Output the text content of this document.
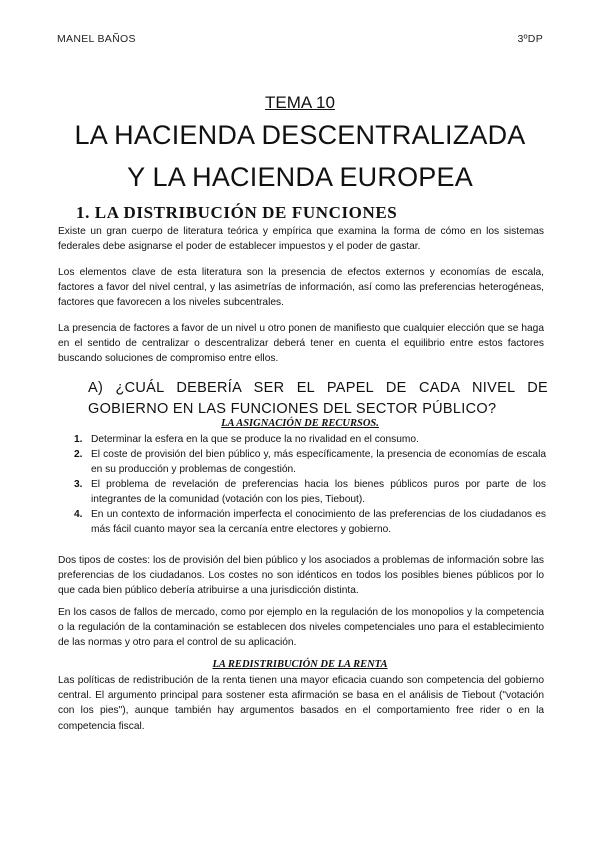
MANEL BAÑOS	3ºDP
TEMA 10
LA HACIENDA DESCENTRALIZADA
Y LA HACIENDA EUROPEA
1. LA DISTRIBUCIÓN DE FUNCIONES

Existe un gran cuerpo de literatura teórica y empírica que examina la forma de cómo en los sistemas federales debe asignarse el poder de establecer impuestos y el poder de gastar.

Los elementos clave de esta literatura son la presencia de efectos externos y economías de escala, factores a favor del nivel central, y las asimetrías de información, así como las preferencias heterogéneas, factores que favorecen a los niveles subcentrales.

La presencia de factores a favor de un nivel u otro ponen de manifiesto que cualquier elección que se haga en el sentido de centralizar o descentralizar deberá tener en cuenta el equilibrio entre estos factores buscando soluciones de compromiso entre ellos.

A) ¿CUÁL DEBERÍA SER EL PAPEL DE CADA NIVEL DE GOBIERNO EN LAS FUNCIONES DEL SECTOR PÚBLICO?

LA ASIGNACIÓN DE RECURSOS.
1. Determinar la esfera en la que se produce la no rivalidad en el consumo.
2. El coste de provisión del bien público y, más específicamente, la presencia de economías de escala en su producción y problemas de congestión.
3. El problema de revelación de preferencias hacia los bienes públicos puros por parte de los integrantes de la comunidad (votación con los pies, Tiebout).
4. En un contexto de información imperfecta el conocimiento de las preferencias de los ciudadanos es más fácil cuanto mayor sea la cercanía entre electores y gobierno.

Dos tipos de costes: los de provisión del bien público y los asociados a problemas de información sobre las preferencias de los ciudadanos. Los costes no son idénticos en todos los posibles bienes públicos por lo que cada bien público debería atribuirse a una jurisdicción distinta.

En los casos de fallos de mercado, como por ejemplo en la regulación de los monopolios y la competencia o la regulación de la contaminación se establecen dos niveles competenciales uno para el establecimiento de las normas y otro para el control de su aplicación.

LA REDISTRIBUCIÓN DE LA RENTA

Las políticas de redistribución de la renta tienen una mayor eficacia cuando son competencia del gobierno central. El argumento principal para sostener esta afirmación se basa en el análisis de Tiebout ("votación con los pies"), aunque también hay argumentos basados en el comportamiento free rider o en la competencia fiscal.
